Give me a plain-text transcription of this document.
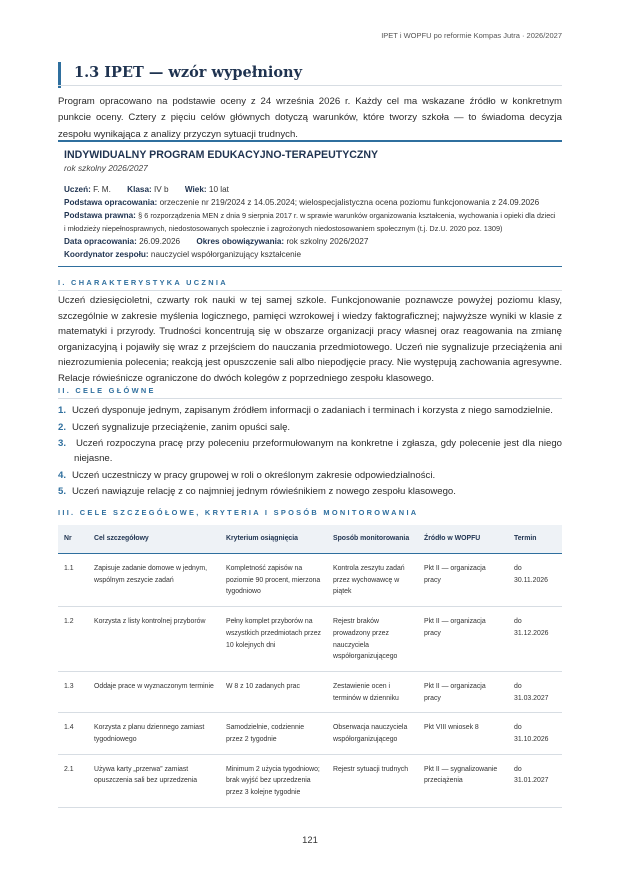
IPET i WOPFU po reformie Kompas Jutra · 2026/2027
1.3 IPET — wzór wypełniony

Program opracowano na podstawie oceny z 24 września 2026 r. Każdy cel ma wskazane źródło w konkretnym punkcie oceny. Cztery z pięciu celów głównych dotyczą warunków, które tworzy szkoła — to świadoma decyzja zespołu wynikająca z analizy przyczyn sytuacji trudnych.

INDYWIDUALNY PROGRAM EDUKACYJNO-TERAPEUTYCZNY
rok szkolny 2026/2027
Uczeń: F. M. Klasa: IV b Wiek: 10 lat
Podstawa opracowania: orzeczenie nr 219/2024 z 14.05.2024; wielospecjalistyczna ocena poziomu funkcjonowania z 24.09.2026
Podstawa prawna: § 6 rozporządzenia MEN z dnia 9 sierpnia 2017 r. w sprawie warunków organizowania kształcenia, wychowania i opieki dla dzieci i młodzieży niepełnosprawnych, niedostosowanych społecznie i zagrożonych niedostosowaniem społecznym (t.j. Dz.U. 2020 poz. 1309)
Data opracowania: 26.09.2026 Okres obowiązywania: rok szkolny 2026/2027
Koordynator zespołu: nauczyciel współorganizujący kształcenie
I. CHARAKTERYSTYKA UCZNIA

Uczeń dziesięcioletni, czwarty rok nauki w tej samej szkole. Funkcjonowanie poznawcze powyżej poziomu klasy, szczególnie w zakresie myślenia logicznego, pamięci wzrokowej i wiedzy faktograficznej; najwyższe wyniki w klasie z matematyki i przyrody. Trudności koncentrują się w obszarze organizacji pracy własnej oraz reagowania na zmianę organizacyjną i pojawiły się wraz z przejściem do nauczania przedmiotowego. Uczeń nie sygnalizuje przeciążenia ani niezrozumienia polecenia; reakcją jest opuszczenie sali albo niepodjęcie pracy. Nie występują zachowania agresywne. Relacje rówieśnicze ograniczone do dwóch kolegów z poprzedniego zespołu klasowego.

II. CELE GŁÓWNE
1. Uczeń dysponuje jednym, zapisanym źródłem informacji o zadaniach i terminach i korzysta z niego samodzielnie.
2. Uczeń sygnalizuje przeciążenie, zanim opuści salę.
3.	Uczeń rozpoczyna pracę przy poleceniu przeformułowanym na konkretne i zgłasza, gdy polecenie jest dla niego niejasne.
4. Uczeń uczestniczy w pracy grupowej w roli o określonym zakresie odpowiedzialności.
5. Uczeń nawiązuje relację z co najmniej jednym rówieśnikiem z nowego zespołu klasowego.
III. CELE SZCZEGÓŁOWE, KRYTERIA I SPOSÓB MONITOROWANIA
Nr	Cel szczegółowy	Kryterium osiągnięcia	Sposób monitorowania	Źródło w WOPFU	Termin
1.1	Zapisuje zadanie domowe w jednym, wspólnym zeszycie zadań	Kompletność zapisów na poziomie 90 procent, mierzona tygodniowo	Kontrola zeszytu zadań przez wychowawcę w piątek	Pkt II — organizacja pracy	do 30.11.2026
1.2	Korzysta z listy kontrolnej przyborów	Pełny komplet przyborów na wszystkich przedmiotach przez 10 kolejnych dni	Rejestr braków prowadzony przez nauczyciela współorganizującego	Pkt II — organizacja pracy	do 31.12.2026
1.3	Oddaje prace w wyznaczonym terminie	W 8 z 10 zadanych prac	Zestawienie ocen i terminów w dzienniku	Pkt II — organizacja pracy	do 31.03.2027
1.4	Korzysta z planu dziennego zamiast tygodniowego	Samodzielnie, codziennie przez 2 tygodnie	Obserwacja nauczyciela współorganizującego	Pkt VIII wniosek 8	do 31.10.2026
2.1	Używa karty „przerwa” zamiast opuszczenia sali bez uprzedzenia	Minimum 2 użycia tygodniowo; brak wyjść bez uprzedzenia przez 3 kolejne tygodnie	Rejestr sytuacji trudnych	Pkt II — sygnalizowanie przeciążenia	do 31.01.2027
121
